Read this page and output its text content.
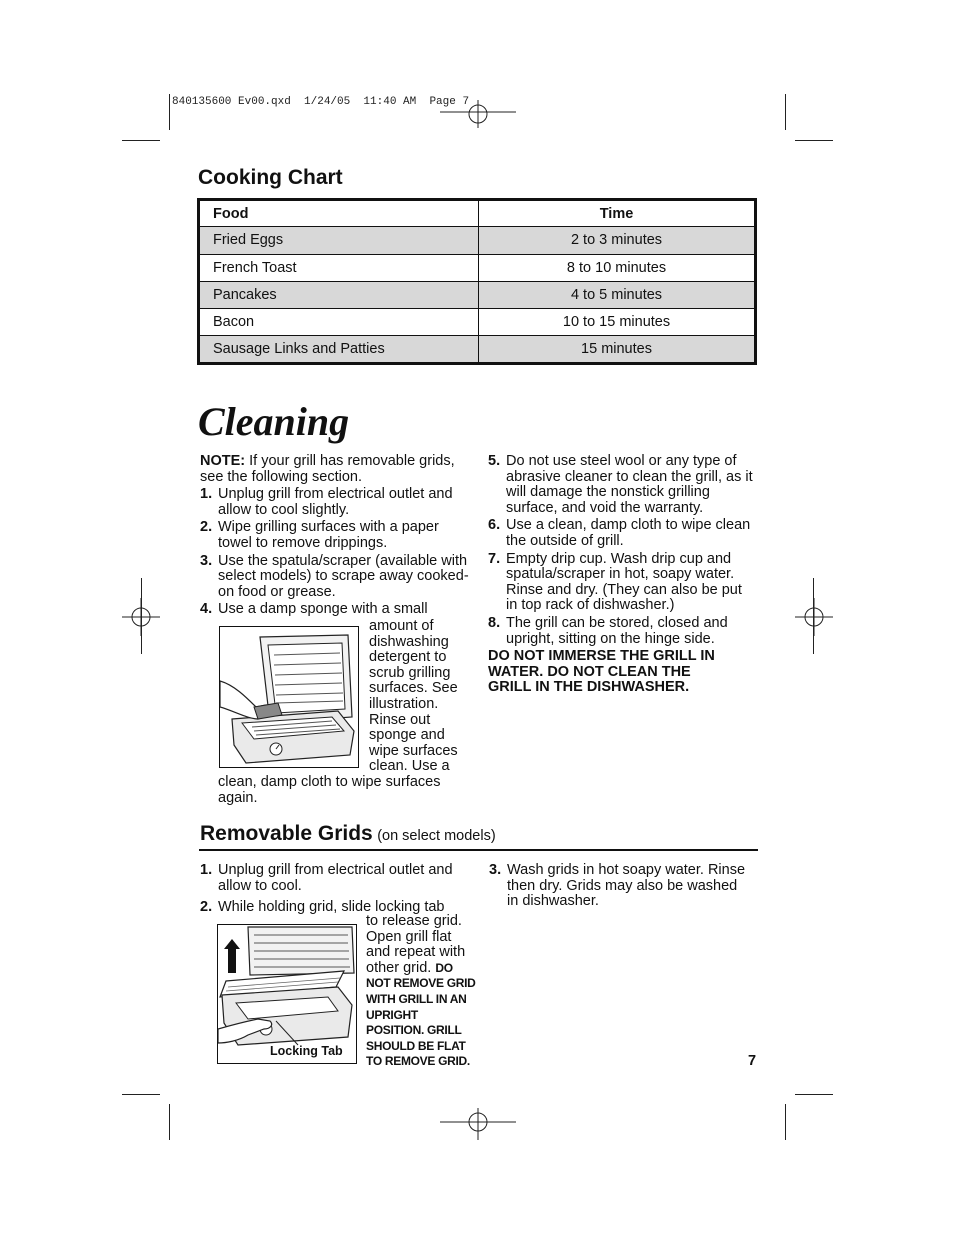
840135600 Ev00.qxd  1/24/05  11:40 AM  Page 7
Cooking Chart
Food	Time
Fried Eggs	2 to 3 minutes
French Toast	8 to 10 minutes
Pancakes	4 to 5 minutes
Bacon	10 to 15 minutes
Sausage Links and Patties	15 minutes
Cleaning

NOTE: If your grill has removable grids, see the following section.

1. Unplug grill from electrical outlet and allow to cool slightly.
2. Wipe grilling surfaces with a paper towel to remove drippings.
3. Use the spatula/scraper (available with select models) to scrape away cooked-on food or grease.
4. Use a damp sponge with a small
amount of dishwashing detergent to scrub grilling surfaces. See illustration. Rinse out sponge and wipe surfaces clean. Use a
clean, damp cloth to wipe surfaces again.
5. Do not use steel wool or any type of abrasive cleaner to clean the grill, as it will damage the nonstick grilling surface, and void the warranty.
6. Use a clean, damp cloth to wipe clean the outside of grill.
7. Empty drip cup. Wash drip cup and spatula/scraper in hot, soapy water. Rinse and dry. (They can also be put in top rack of dishwasher.)
8. The grill can be stored, closed and upright, sitting on the hinge side.

DO NOT IMMERSE THE GRILL IN WATER. DO NOT CLEAN THE GRILL IN THE DISHWASHER.

Removable Grids (on select models)
1. Unplug grill from electrical outlet and allow to cool.
2. While holding grid, slide locking tab
Locking Tab
to release grid. Open grill flat and repeat with other grid. DO NOT REMOVE GRID WITH GRILL IN AN UPRIGHT POSITION. GRILL SHOULD BE FLAT TO REMOVE GRID.
3. Wash grids in hot soapy water. Rinse then dry. Grids may also be washed in dishwasher.
7
